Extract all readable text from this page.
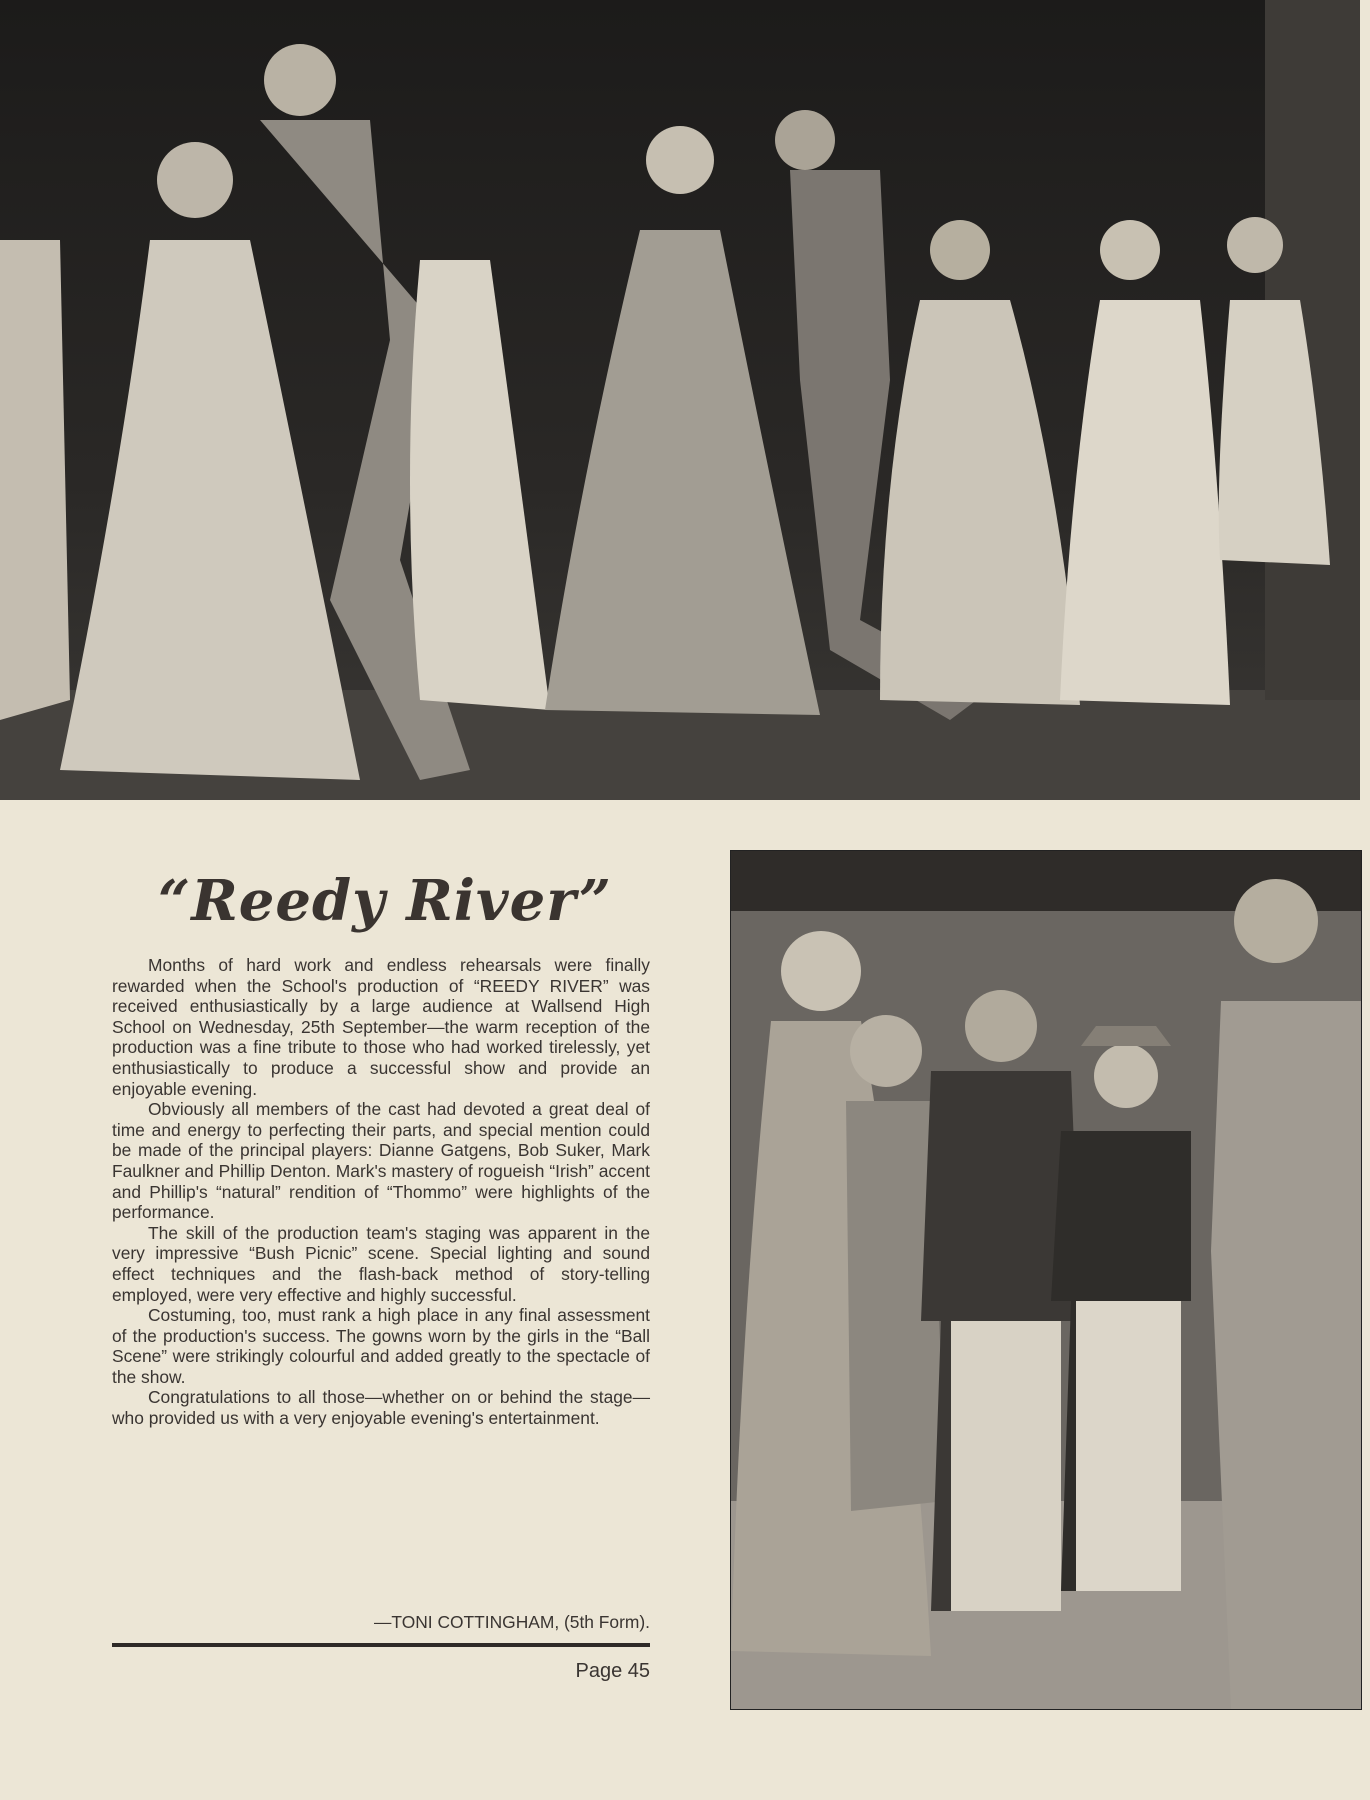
“Reedy River”

Months of hard work and endless rehearsals were finally rewarded when the School's production of “REEDY RIVER” was received enthusiastically by a large audience at Wallsend High School on Wednesday, 25th September—the warm reception of the production was a fine tribute to those who had worked tirelessly, yet enthusiastically to produce a successful show and provide an enjoyable evening.

Obviously all members of the cast had devoted a great deal of time and energy to perfecting their parts, and special mention could be made of the principal players: Dianne Gatgens, Bob Suker, Mark Faulkner and Phillip Denton. Mark's mastery of rogueish “Irish” accent and Phillip's “natural” rendition of “Thommo” were highlights of the performance.

The skill of the production team's staging was apparent in the very impressive “Bush Picnic” scene. Special lighting and sound effect techniques and the flash-back method of story-telling employed, were very effective and highly successful.

Costuming, too, must rank a high place in any final assessment of the production's success. The gowns worn by the girls in the “Ball Scene” were strikingly colourful and added greatly to the spectacle of the show.

Congratulations to all those—whether on or behind the stage—who provided us with a very enjoyable evening's entertainment.

—TONI COTTINGHAM, (5th Form).
Page 45
